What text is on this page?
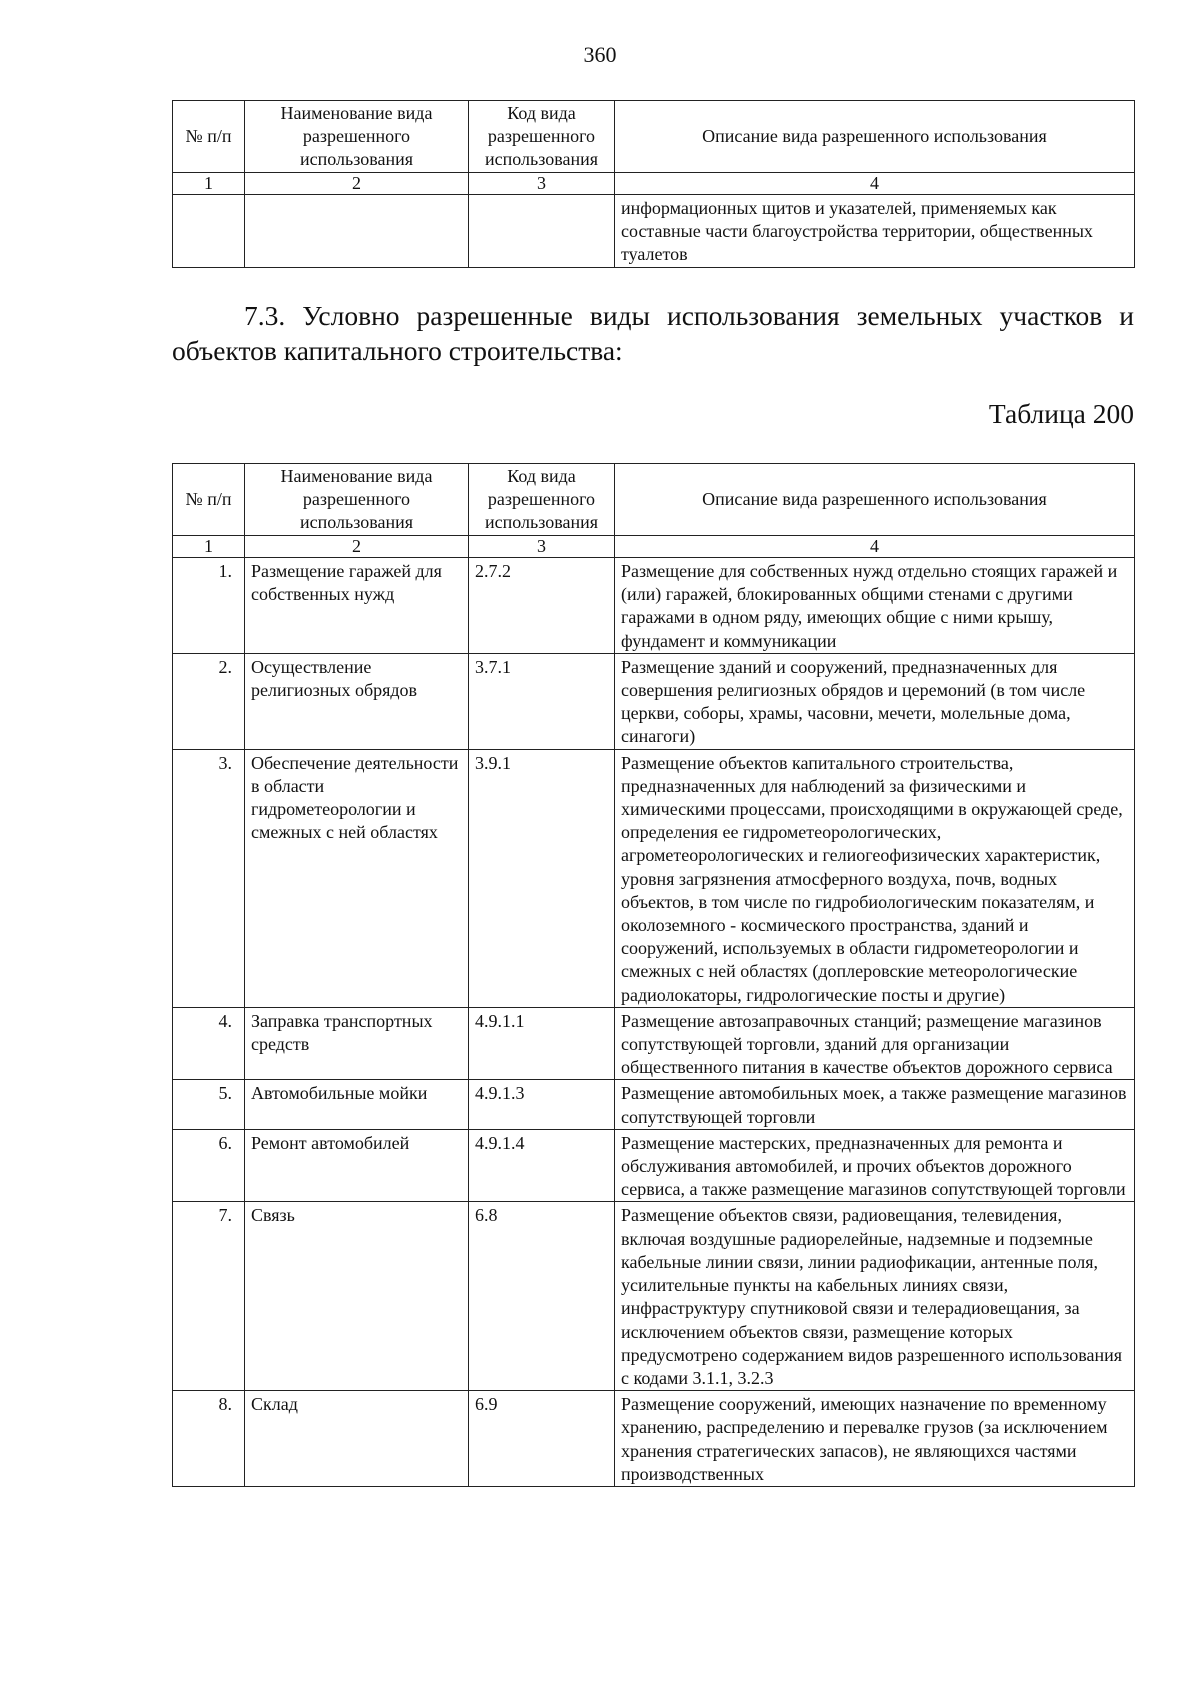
360
№ п/п	Наименование вида разрешенного использования	Код вида разрешенного использования	Описание вида разрешенного использования
1	2	3	4
			информационных щитов и указателей, применяемых как составные части благоустройства территории, общественных туалетов
7.3. Условно разрешенные виды использования земельных участков и объектов капитального строительства:
Таблица 200
№ п/п	Наименование вида разрешенного использования	Код вида разрешенного использования	Описание вида разрешенного использования
1	2	3	4
1.	Размещение гаражей для собственных нужд	2.7.2	Размещение для собственных нужд отдельно стоящих гаражей и (или) гаражей, блокированных общими стенами с другими гаражами в одном ряду, имеющих общие с ними крышу, фундамент и коммуникации
2.	Осуществление религиозных обрядов	3.7.1	Размещение зданий и сооружений, предназначенных для совершения религиозных обрядов и церемоний (в том числе церкви, соборы, храмы, часовни, мечети, молельные дома, синагоги)
3.	Обеспечение деятельности в области гидрометеорологии и смежных с ней областях	3.9.1	Размещение объектов капитального строительства, предназначенных для наблюдений за физическими и химическими процессами, происходящими в окружающей среде, определения ее гидрометеорологических, агрометеорологических и гелиогеофизических характеристик, уровня загрязнения атмосферного воздуха, почв, водных объектов, в том числе по гидробиологическим показателям, и околоземного - космического пространства, зданий и сооружений, используемых в области гидрометеорологии и смежных с ней областях (доплеровские метеорологические радиолокаторы, гидрологические посты и другие)
4.	Заправка транспортных средств	4.9.1.1	Размещение автозаправочных станций; размещение магазинов сопутствующей торговли, зданий для организации общественного питания в качестве объектов дорожного сервиса
5.	Автомобильные мойки	4.9.1.3	Размещение автомобильных моек, а также размещение магазинов сопутствующей торговли
6.	Ремонт автомобилей	4.9.1.4	Размещение мастерских, предназначенных для ремонта и обслуживания автомобилей, и прочих объектов дорожного сервиса, а также размещение магазинов сопутствующей торговли
7.	Связь	6.8	Размещение объектов связи, радиовещания, телевидения, включая воздушные радиорелейные, надземные и подземные кабельные линии связи, линии радиофикации, антенные поля, усилительные пункты на кабельных линиях связи, инфраструктуру спутниковой связи и телерадиовещания, за исключением объектов связи, размещение которых предусмотрено содержанием видов разрешенного использования с кодами 3.1.1, 3.2.3
8.	Склад	6.9	Размещение сооружений, имеющих назначение по временному хранению, распределению и перевалке грузов (за исключением хранения стратегических запасов), не являющихся частями производственных
